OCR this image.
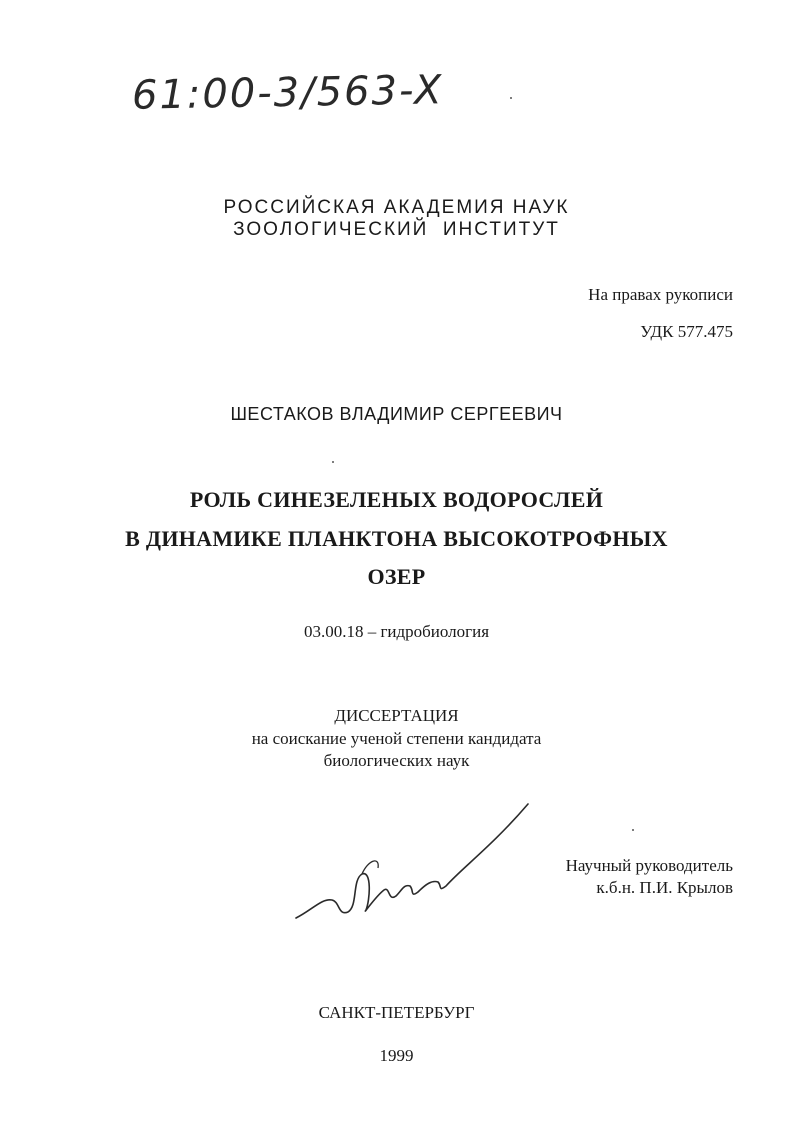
61:00-3/563-X
РОССИЙСКАЯ АКАДЕМИЯ НАУК
ЗООЛОГИЧЕСКИЙ  ИНСТИТУТ
На правах рукописи
УДК 577.475
ШЕСТАКОВ ВЛАДИМИР СЕРГЕЕВИЧ
РОЛЬ СИНЕЗЕЛЕНЫХ ВОДОРОСЛЕЙ
В ДИНАМИКЕ ПЛАНКТОНА ВЫСОКОТРОФНЫХ
ОЗЕР
03.00.18 – гидробиология
ДИССЕРТАЦИЯ
на соискание ученой степени кандидата
биологических наук
Научный руководитель
к.б.н. П.И. Крылов
САНКТ-ПЕТЕРБУРГ
1999
